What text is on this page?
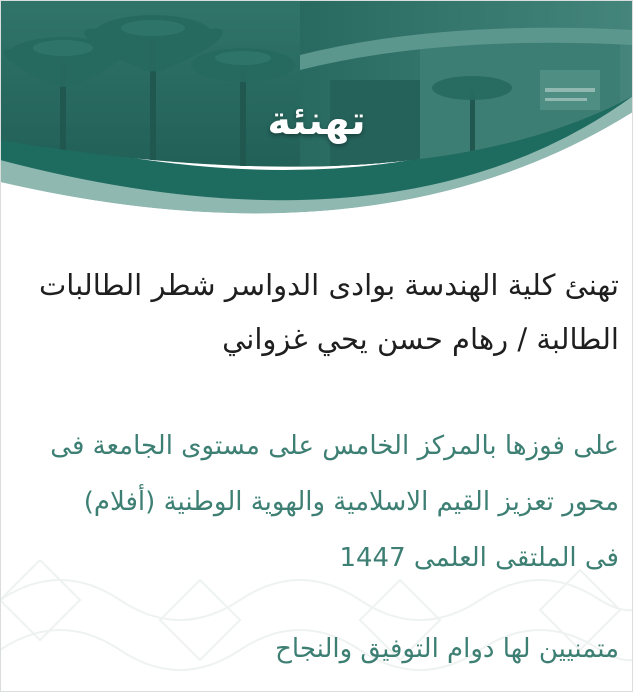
تهنئة

تهنئ كلية الهندسة بوادى الدواسر شطر الطالبات
الطالبة / رهام حسن يحي غزواني

على فوزها بالمركز الخامس على مستوى الجامعة فى
محور تعزيز القيم الاسلامية والهوية الوطنية (أفلام)
فى الملتقى العلمى 1447

متمنيين لها دوام التوفيق والنجاح
